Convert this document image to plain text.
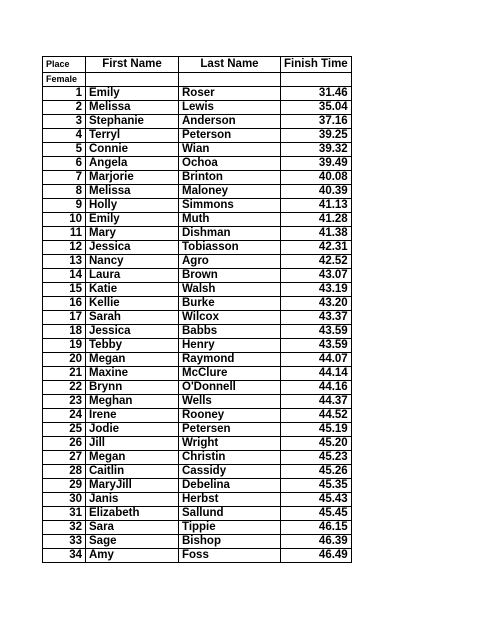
Place	First Name	Last Name	Finish Time
Female			
1	Emily	Roser	31.46
2	Melissa	Lewis	35.04
3	Stephanie	Anderson	37.16
4	Terryl	Peterson	39.25
5	Connie	Wian	39.32
6	Angela	Ochoa	39.49
7	Marjorie	Brinton	40.08
8	Melissa	Maloney	40.39
9	Holly	Simmons	41.13
10	Emily	Muth	41.28
11	Mary	Dishman	41.38
12	Jessica	Tobiasson	42.31
13	Nancy	Agro	42.52
14	Laura	Brown	43.07
15	Katie	Walsh	43.19
16	Kellie	Burke	43.20
17	Sarah	Wilcox	43.37
18	Jessica	Babbs	43.59
19	Tebby	Henry	43.59
20	Megan	Raymond	44.07
21	Maxine	McClure	44.14
22	Brynn	O'Donnell	44.16
23	Meghan	Wells	44.37
24	Irene	Rooney	44.52
25	Jodie	Petersen	45.19
26	Jill	Wright	45.20
27	Megan	Christin	45.23
28	Caitlin	Cassidy	45.26
29	MaryJill	Debelina	45.35
30	Janis	Herbst	45.43
31	Elizabeth	Sallund	45.45
32	Sara	Tippie	46.15
33	Sage	Bishop	46.39
34	Amy	Foss	46.49
